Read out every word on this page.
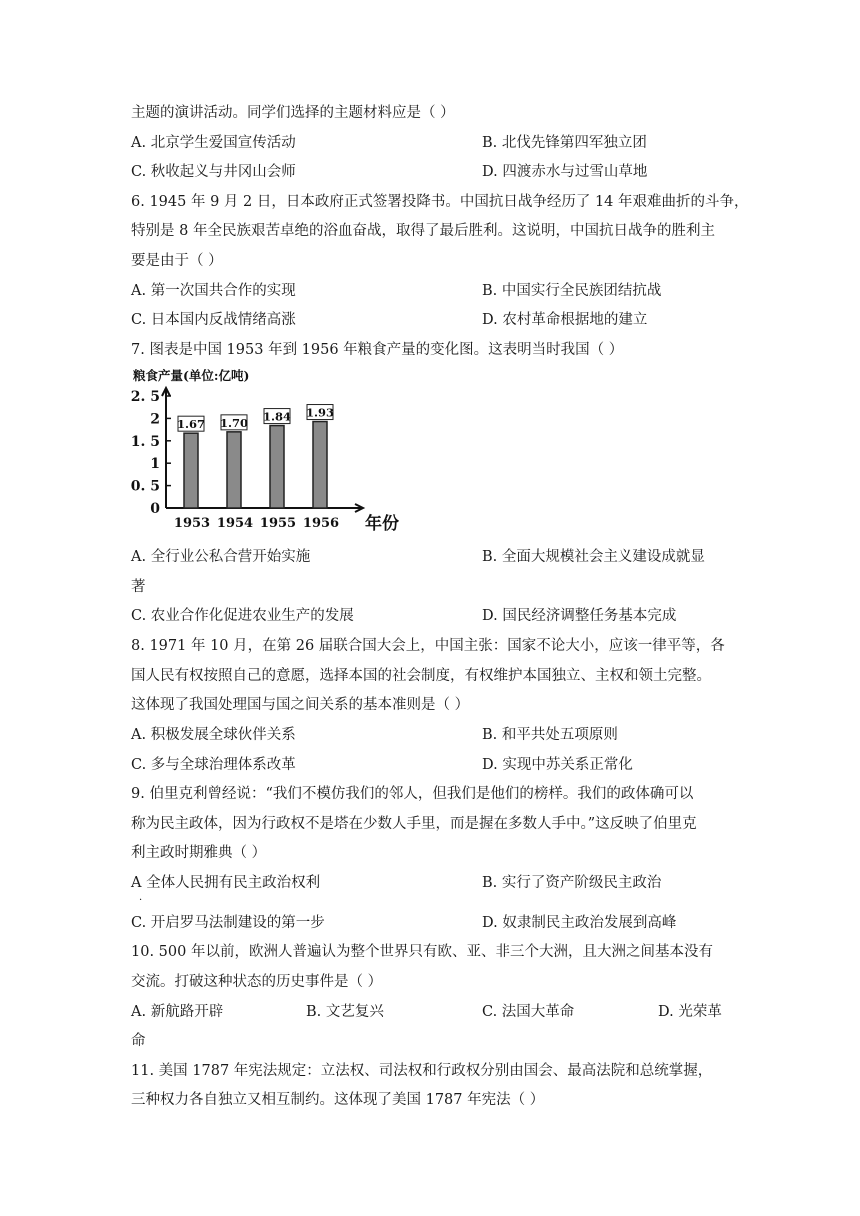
主题的演讲活动。同学们选择的主题材料应是（ ）
A. 北京学生爱国宣传活动	B. 北伐先锋第四军独立团
C. 秋收起义与井冈山会师	D. 四渡赤水与过雪山草地
6. 1945 年 9 月 2 日，日本政府正式签署投降书。中国抗日战争经历了 14 年艰难曲折的斗争，
特别是 8 年全民族艰苦卓绝的浴血奋战，取得了最后胜利。这说明，中国抗日战争的胜利主
要是由于（ ）
A. 第一次国共合作的实现	B. 中国实行全民族团结抗战
C. 日本国内反战情绪高涨	D. 农村革命根据地的建立
7. 图表是中国 1953 年到 1956 年粮食产量的变化图。这表明当时我国（ ）
粮食产量(单位:亿吨)
0
0. 5
1
1. 5
2
2. 5
1.67
1953
1.70
1954
1.84
1955
1.93
1956 年份
A. 全行业公私合营开始实施	B. 全面大规模社会主义建设成就显
著
C. 农业合作化促进农业生产的发展	D. 国民经济调整任务基本完成
8. 1971 年 10 月，在第 26 届联合国大会上，中国主张：国家不论大小，应该一律平等，各
国人民有权按照自己的意愿，选择本国的社会制度，有权维护本国独立、主权和领土完整。
这体现了我国处理国与国之间关系的基本准则是（ ）
A. 积极发展全球伙伴关系	B. 和平共处五项原则
C. 多与全球治理体系改革	D. 实现中苏关系正常化
9. 伯里克利曾经说：“我们不模仿我们的邻人，但我们是他们的榜样。我们的政体确可以
称为民主政体，因为行政权不是塔在少数人手里，而是握在多数人手中。”这反映了伯里克
利主政时期雅典（ ）
A 全体人民拥有民主政治权利
·
B. 实行了资产阶级民主政治
C. 开启罗马法制建设的第一步	D. 奴隶制民主政治发展到高峰
10. 500 年以前，欧洲人普遍认为整个世界只有欧、亚、非三个大洲，且大洲之间基本没有
交流。打破这种状态的历史事件是（ ）
A. 新航路开辟	B. 文艺复兴	C. 法国大革命	D. 光荣革
命
11. 美国 1787 年宪法规定：立法权、司法权和行政权分别由国会、最高法院和总统掌握，
三种权力各自独立又相互制约。这体现了美国 1787 年宪法（ ）
